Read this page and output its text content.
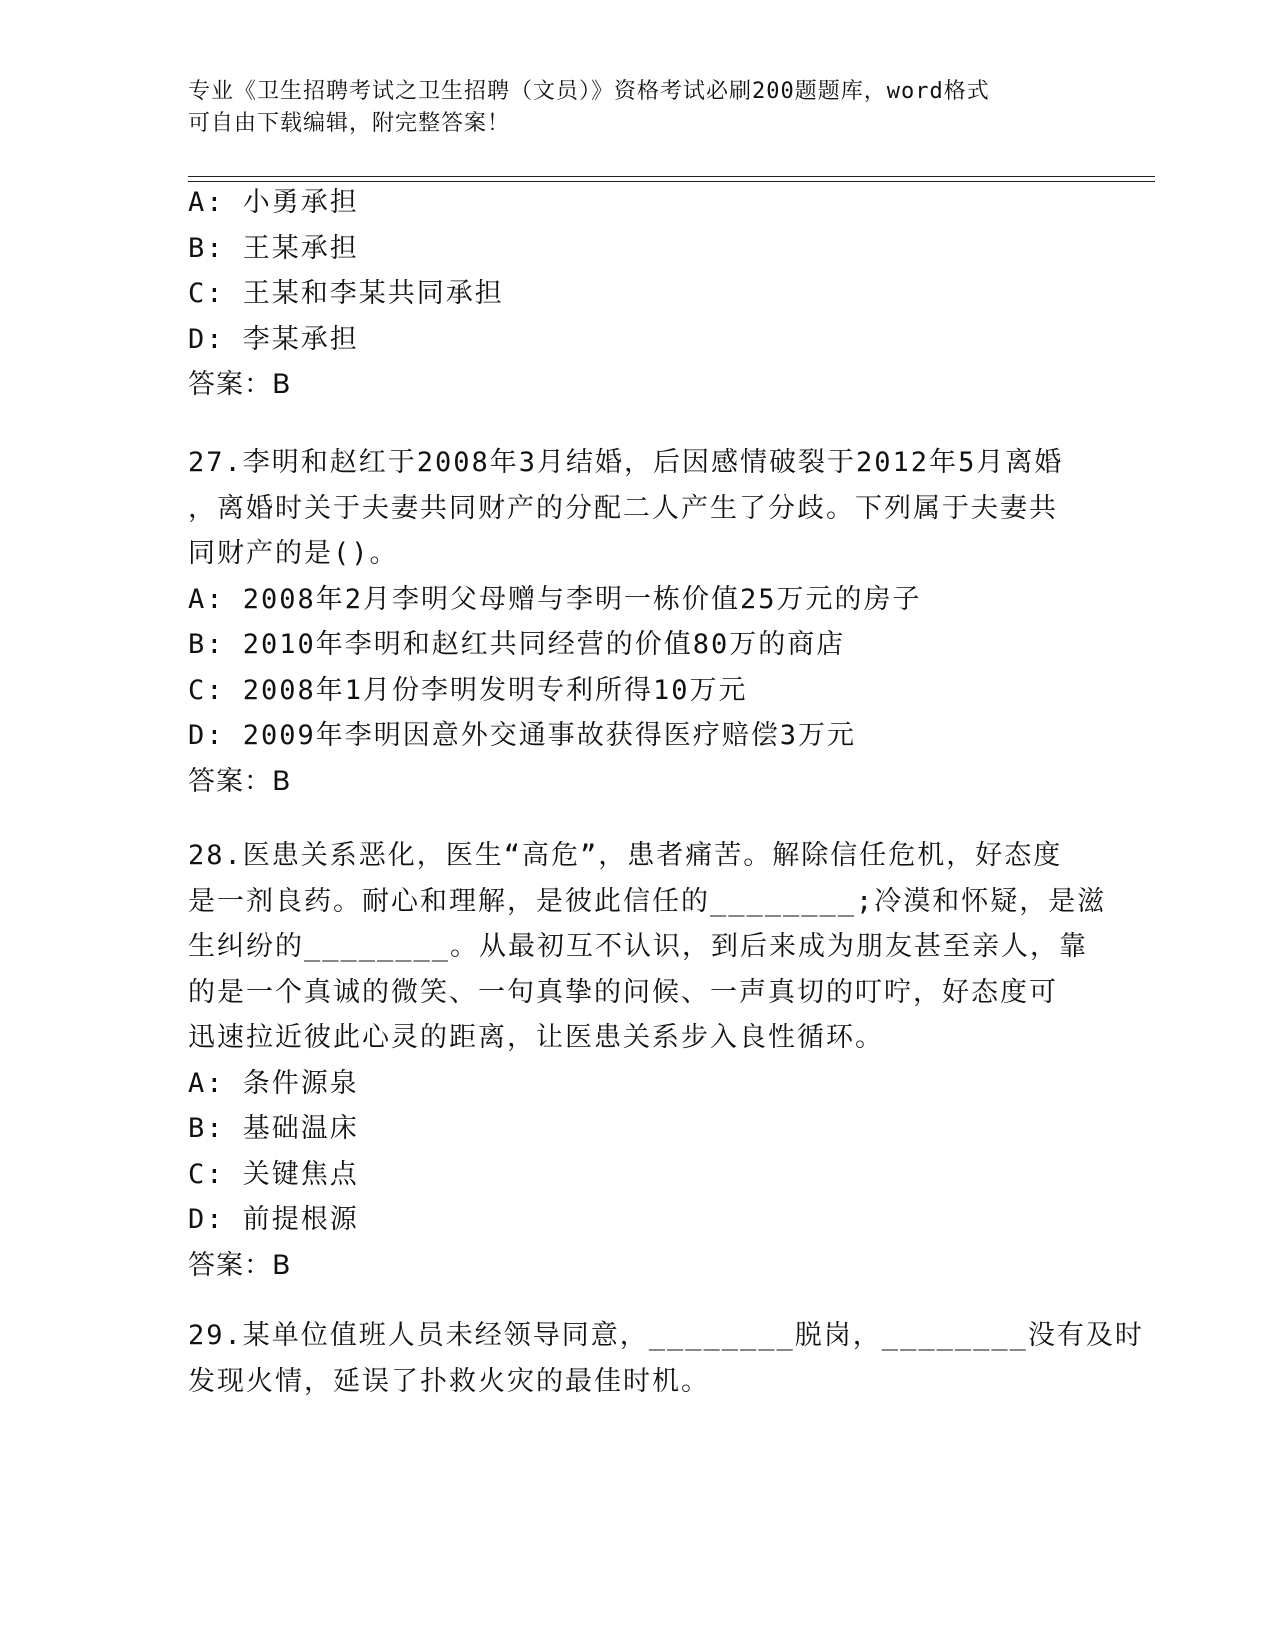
专业《卫生招聘考试之卫生招聘（文员）》资格考试必刷200题题库，word格式
可自由下载编辑，附完整答案！
A: 小勇承担
B: 王某承担
C: 王某和李某共同承担
D: 李某承担
答案：B
27.李明和赵红于2008年3月结婚，后因感情破裂于2012年5月离婚
，离婚时关于夫妻共同财产的分配二人产生了分歧。下列属于夫妻共
同财产的是()。
A: 2008年2月李明父母赠与李明一栋价值25万元的房子
B: 2010年李明和赵红共同经营的价值80万的商店
C: 2008年1月份李明发明专利所得10万元
D: 2009年李明因意外交通事故获得医疗赔偿3万元
答案：B
28.医患关系恶化，医生“高危”，患者痛苦。解除信任危机，好态度
是一剂良药。耐心和理解，是彼此信任的________;冷漠和怀疑，是滋
生纠纷的________。从最初互不认识，到后来成为朋友甚至亲人，靠
的是一个真诚的微笑、一句真挚的问候、一声真切的叮咛，好态度可
迅速拉近彼此心灵的距离，让医患关系步入良性循环。
A: 条件源泉
B: 基础温床
C: 关键焦点
D: 前提根源
答案：B
29.某单位值班人员未经领导同意，________脱岗，________没有及时
发现火情，延误了扑救火灾的最佳时机。
